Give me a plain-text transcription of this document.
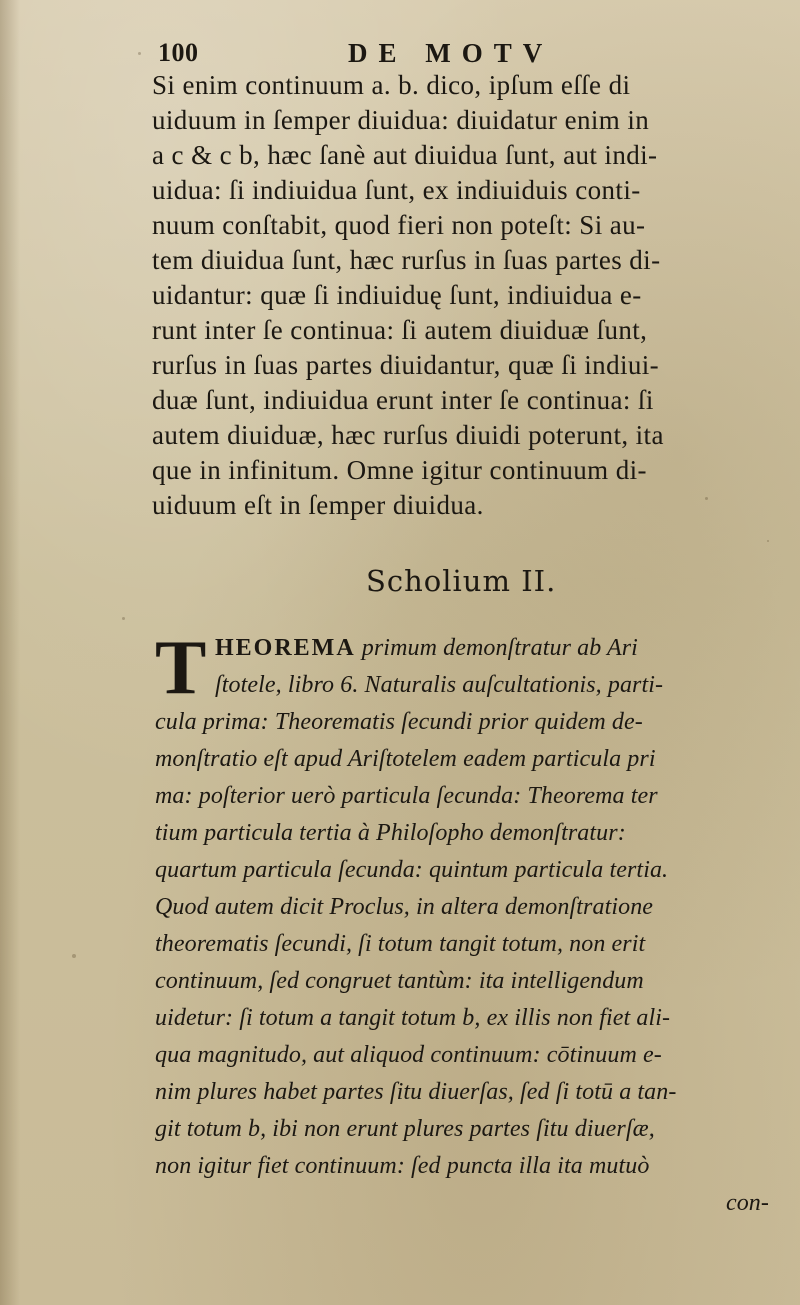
100	DE MOTV
Si enim continuum a. b. dico, ipſum eſſe di
uiduum in ſemper diuidua: diuidatur enim in
a c & c b, hæc ſanè aut diuidua ſunt, aut indi-
uidua: ſi indiuidua ſunt, ex indiuiduis conti-
nuum conſtabit, quod fieri non poteſt: Si au-
tem diuidua ſunt, hæc rurſus in ſuas partes di-
uidantur: quæ ſi indiuiduę ſunt, indiuidua e-
runt inter ſe continua: ſi autem diuiduæ ſunt,
rurſus in ſuas partes diuidantur, quæ ſi indiui-
duæ ſunt, indiuidua erunt inter ſe continua: ſi
autem diuiduæ, hæc rurſus diuidi poterunt, ita
que in infinitum. Omne igitur continuum di-
uiduum eſt in ſemper diuidua.
Scholium II.
T HEOREMA primum demonſtratur ab Ari
ſtotele, libro 6. Naturalis auſcultationis, parti-
cula prima: Theorematis ſecundi prior quidem de-
monſtratio eſt apud Ariſtotelem eadem particula pri
ma: poſterior uerò particula ſecunda: Theorema ter
tium particula tertia à Philoſopho demonſtratur:
quartum particula ſecunda: quintum particula tertia.
Quod autem dicit Proclus, in altera demonſtratione
theorematis ſecundi, ſi totum tangit totum, non erit
continuum, ſed congruet tantùm: ita intelligendum
uidetur: ſi totum a tangit totum b, ex illis non fiet ali-
qua magnitudo, aut aliquod continuum: cōtinuum e-
nim plures habet partes ſitu diuerſas, ſed ſi totū a tan-
git totum b, ibi non erunt plures partes ſitu diuerſæ,
non igitur fiet continuum: ſed puncta illa ita mutuò
con-
